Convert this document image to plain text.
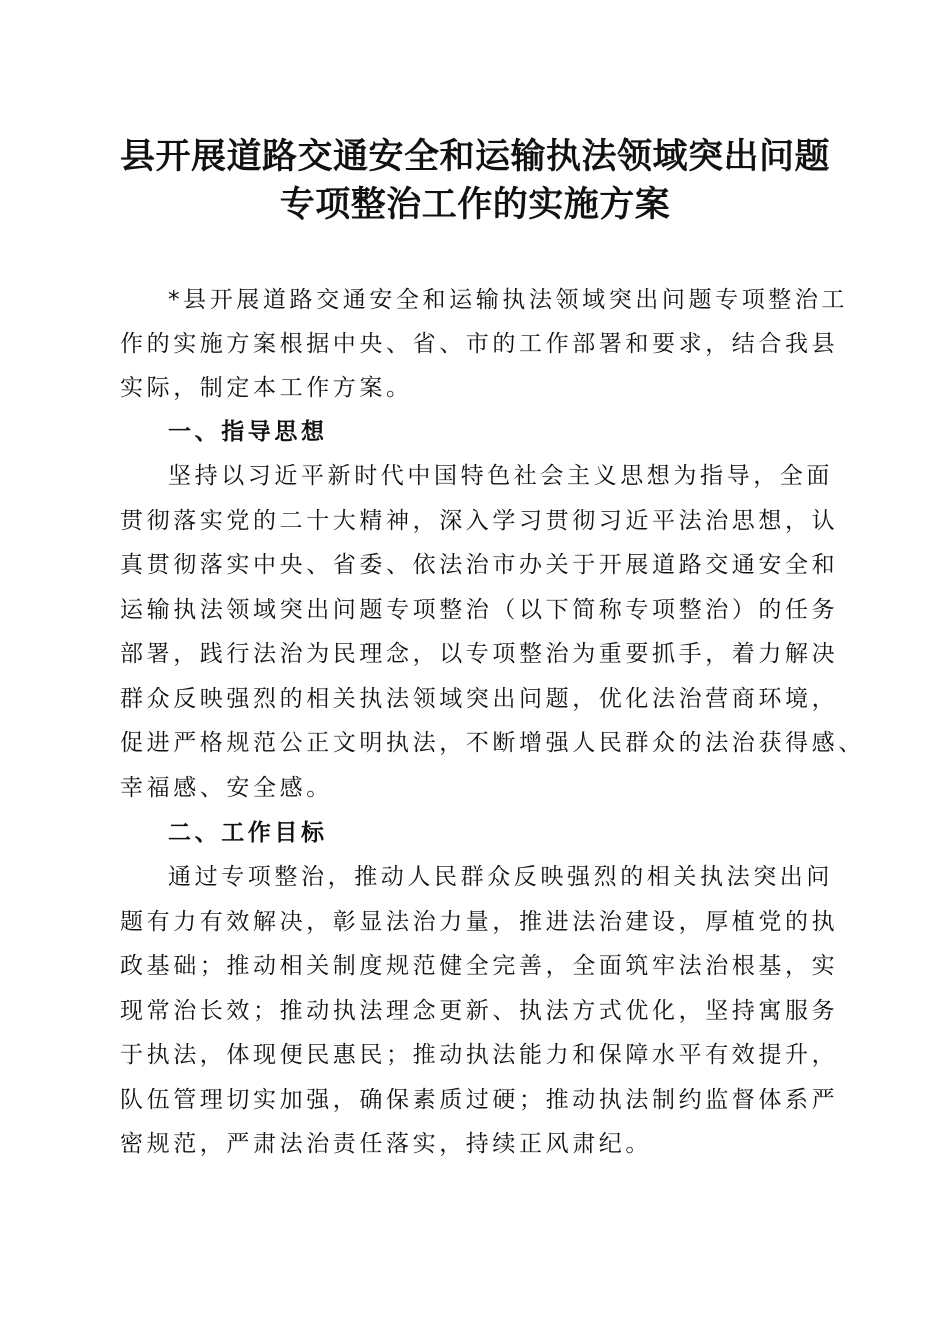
县开展道路交通安全和运输执法领域突出问题
专项整治工作的实施方案
*县开展道路交通安全和运输执法领域突出问题专项整治工
作的实施方案根据中央、省、市的工作部署和要求，结合我县
实际，制定本工作方案。
一、指导思想
坚持以习近平新时代中国特色社会主义思想为指导，全面
贯彻落实党的二十大精神，深入学习贯彻习近平法治思想，认
真贯彻落实中央、省委、依法治市办关于开展道路交通安全和
运输执法领域突出问题专项整治（以下简称专项整治）的任务
部署，践行法治为民理念，以专项整治为重要抓手，着力解决
群众反映强烈的相关执法领域突出问题，优化法治营商环境，
促进严格规范公正文明执法，不断增强人民群众的法治获得感、
幸福感、安全感。
二、工作目标
通过专项整治，推动人民群众反映强烈的相关执法突出问
题有力有效解决，彰显法治力量，推进法治建设，厚植党的执
政基础；推动相关制度规范健全完善，全面筑牢法治根基，实
现常治长效；推动执法理念更新、执法方式优化，坚持寓服务
于执法，体现便民惠民；推动执法能力和保障水平有效提升，
队伍管理切实加强，确保素质过硬；推动执法制约监督体系严
密规范，严肃法治责任落实，持续正风肃纪。
